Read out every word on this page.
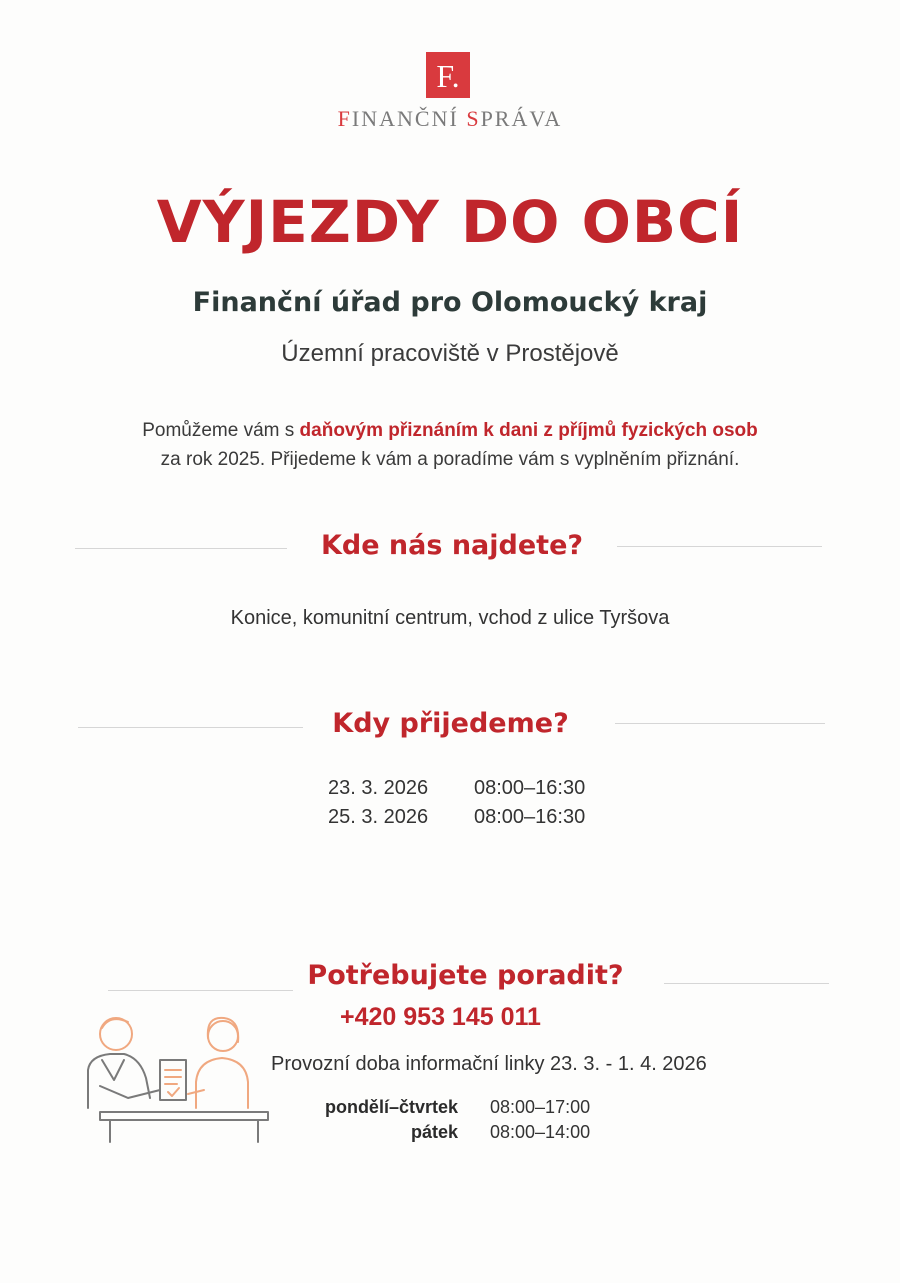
F.
FINANČNÍ SPRÁVA
VÝJEZDY DO OBCÍ
Finanční úřad pro Olomoucký kraj
Územní pracoviště v Prostějově
Pomůžeme vám s daňovým přiznáním k dani z příjmů fyzických osob
za rok 2025. Přijedeme k vám a poradíme vám s vyplněním přiznání.
Kde nás najdete?
Konice, komunitní centrum, vchod z ulice Tyršova
Kdy přijedeme?
23. 3. 2026 08:00–16:30
25. 3. 2026 08:00–16:30
Potřebujete poradit?
+420 953 145 011
Provozní doba informační linky 23. 3. - 1. 4. 2026
pondělí–čtvrtek 08:00–17:00
pátek 08:00–14:00
